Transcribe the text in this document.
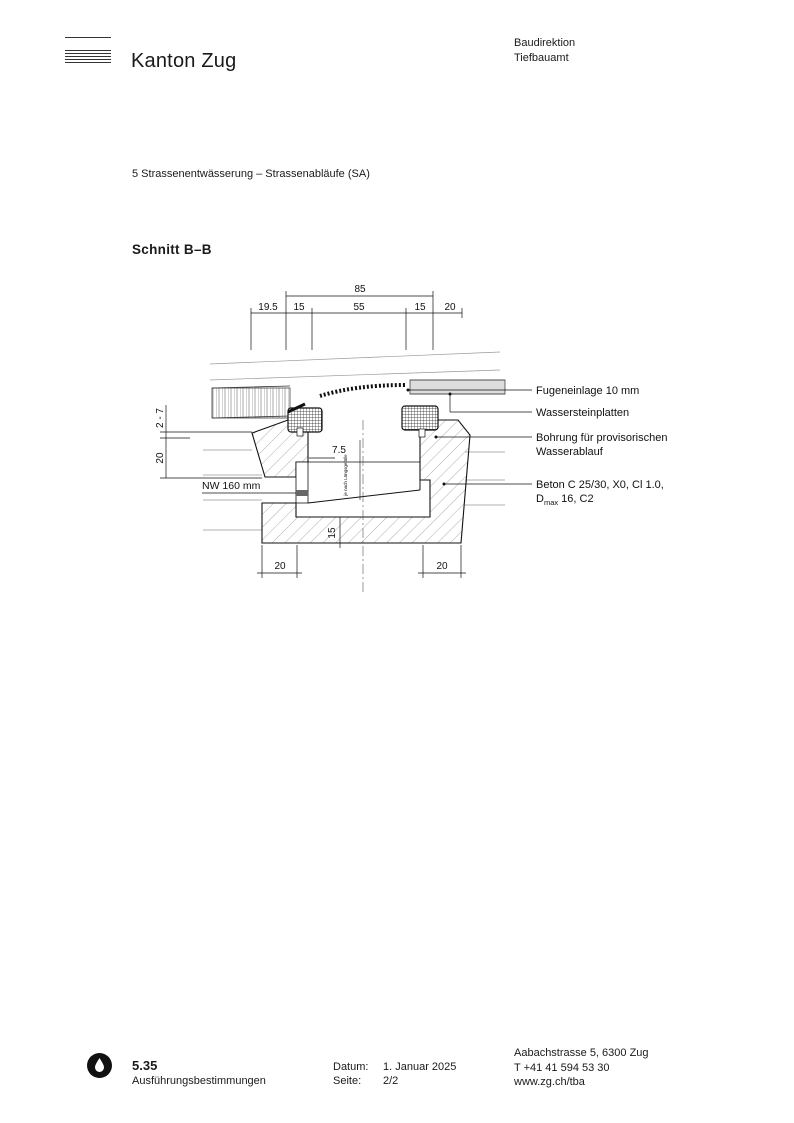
Kanton Zug
Baudirektion
Tiefbauamt
5 Strassenentwässerung – Strassenabläufe (SA)
Schnitt B–B
85
19.5 15	55	15 20
2 - 7
20
7.5
je nach Längsgefälle
NW 160 mm
15
20	20
Fugeneinlage 10 mm
Wassersteinplatten
Bohrung für provisorischen
Wasserablauf
Beton C 25/30, X0, Cl 1.0,
$D_{max}$ 16, C2
5.35
Ausführungsbestimmungen
Datum: 1. Januar 2025
Seite: 2/2
Aabachstrasse 5, 6300 Zug
T +41 41 594 53 30
www.zg.ch/tba
